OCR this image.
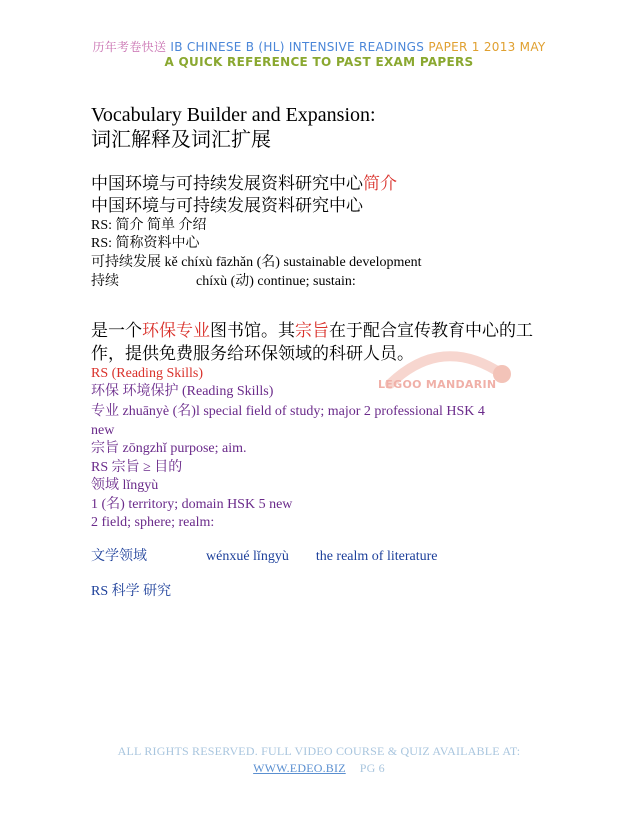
历年考卷快送 IB CHINESE B (HL) INTENSIVE READINGS PAPER 1 2013 MAY
A QUICK REFERENCE TO PAST EXAM PAPERS
Vocabulary Builder and Expansion:
词汇解释及词汇扩展
中国环境与可持续发展资料研究中心简介
中国环境与可持续发展资料研究中心
RS: 简介 简单 介绍
RS: 简称资料中心
可持续发展 kě chíxù fāzhǎn (名) sustainable development
持续	chíxù (动) continue; sustain:
LEGOO MANDARIN
是一个环保专业图书馆。其宗旨在于配合宣传教育中心的工
作，提供免费服务给环保领域的科研人员。
RS (Reading Skills)
环保 环境保护 (Reading Skills)
专业 zhuānyè (名)l special field of study; major 2 professional HSK 4
new
宗旨 zōngzhǐ purpose; aim.
RS 宗旨 ≥ 目的
领域 lǐngyù
1 (名) territory; domain HSK 5 new
2 field; sphere; realm:
文学领域	wénxué lǐngyù the realm of literature
RS 科学 研究
ALL RIGHTS RESERVED. FULL VIDEO COURSE & QUIZ AVAILABLE AT:
WWW.EDEO.BIZ PG 6
